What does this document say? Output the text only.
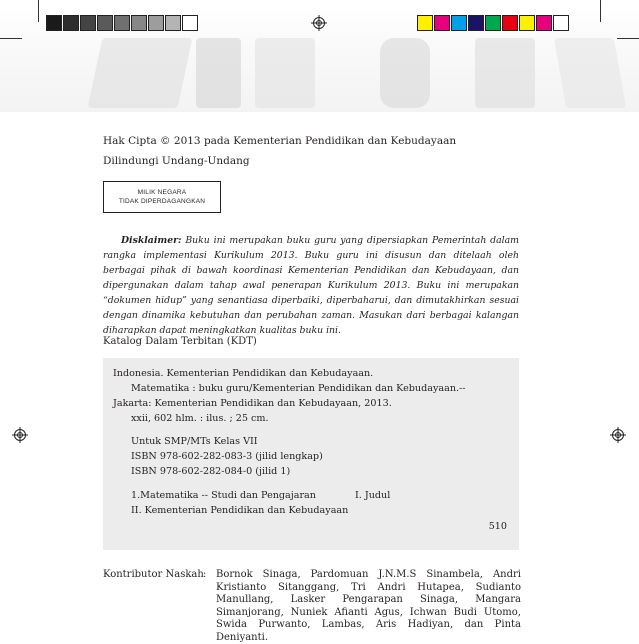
Hak Cipta © 2013 pada Kementerian Pendidikan dan Kebudayaan
Dilindungi Undang-Undang
MILIK NEGARA
TIDAK DIPERDAGANGKAN
Disklaimer: Buku ini merupakan buku guru yang dipersiapkan Pemerintah dalam rangka implementasi Kurikulum 2013. Buku guru ini disusun dan ditelaah oleh berbagai pihak di bawah koordinasi Kementerian Pendidikan dan Kebudayaan, dan dipergunakan dalam tahap awal penerapan Kurikulum 2013. Buku ini merupakan “dokumen hidup” yang senantiasa diperbaiki, diperbaharui, dan dimutakhirkan sesuai dengan dinamika kebutuhan dan perubahan zaman. Masukan dari berbagai kalangan diharapkan dapat meningkatkan kualitas buku ini.
Katalog Dalam Terbitan (KDT)
Indonesia. Kementerian Pendidikan dan Kebudayaan.
Matematika : buku guru/Kementerian Pendidikan dan Kebudayaan.--
Jakarta: Kementerian Pendidikan dan Kebudayaan, 2013.
xxii, 602 hlm. : ilus. ; 25 cm.
Untuk SMP/MTs Kelas VII
ISBN 978-602-282-083-3 (jilid lengkap)
ISBN 978-602-282-084-0 (jilid 1)
1.Matematika -- Studi dan Pengajaran	I. Judul
II. Kementerian Pendidikan dan Kebudayaan
510
Kontributor Naskah : Bornok Sinaga, Pardomuan J.N.M.S Sinambela, Andri Kristianto Sitanggang, Tri Andri Hutapea, Sudianto Manullang, Lasker Pengarapan Sinaga, Mangara Simanjorang, Nuniek Afianti Agus, Ichwan Budi Utomo, Swida Purwanto, Lambas, Aris Hadiyan, dan Pinta Deniyanti.
